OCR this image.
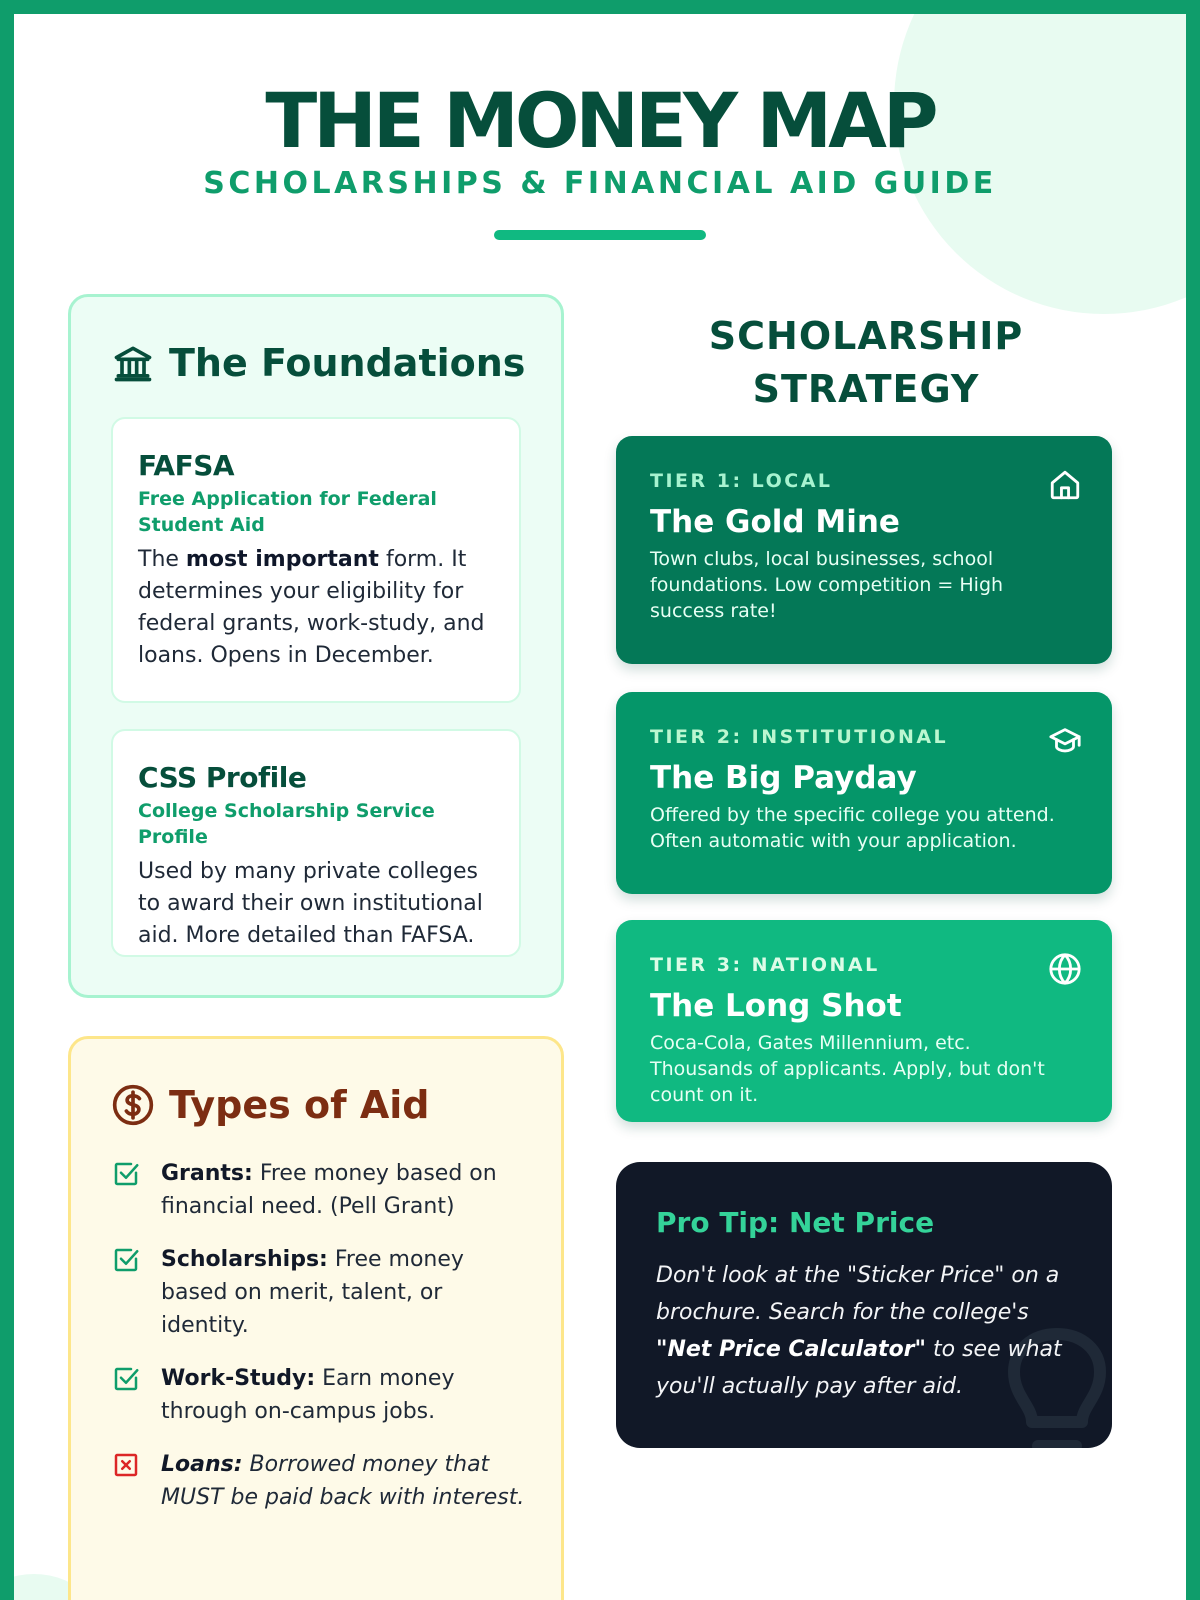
THE MONEY MAP
SCHOLARSHIPS & FINANCIAL AID GUIDE
The Foundations
FAFSA
Free Application for Federal Student Aid

The most important form. It determines your eligibility for federal grants, work-study, and loans. Opens in December.

CSS Profile
College Scholarship Service Profile

Used by many private colleges to award their own institutional aid. More detailed than FAFSA.

Types of Aid
Grants: Free money based on financial need. (Pell Grant)
Scholarships: Free money based on merit, talent, or identity.
Work-Study: Earn money through on-campus jobs.
Loans: Borrowed money that MUST be paid back with interest.
SCHOLARSHIP STRATEGY
TIER 1: LOCAL
The Gold Mine

Town clubs, local businesses, school foundations. Low competition = High success rate!

TIER 2: INSTITUTIONAL
The Big Payday

Offered by the specific college you attend. Often automatic with your application.

TIER 3: NATIONAL
The Long Shot

Coca-Cola, Gates Millennium, etc. Thousands of applicants. Apply, but don't count on it.

Pro Tip: Net Price

Don't look at the "Sticker Price" on a brochure. Search for the college's "Net Price Calculator" to see what you'll actually pay after aid.
